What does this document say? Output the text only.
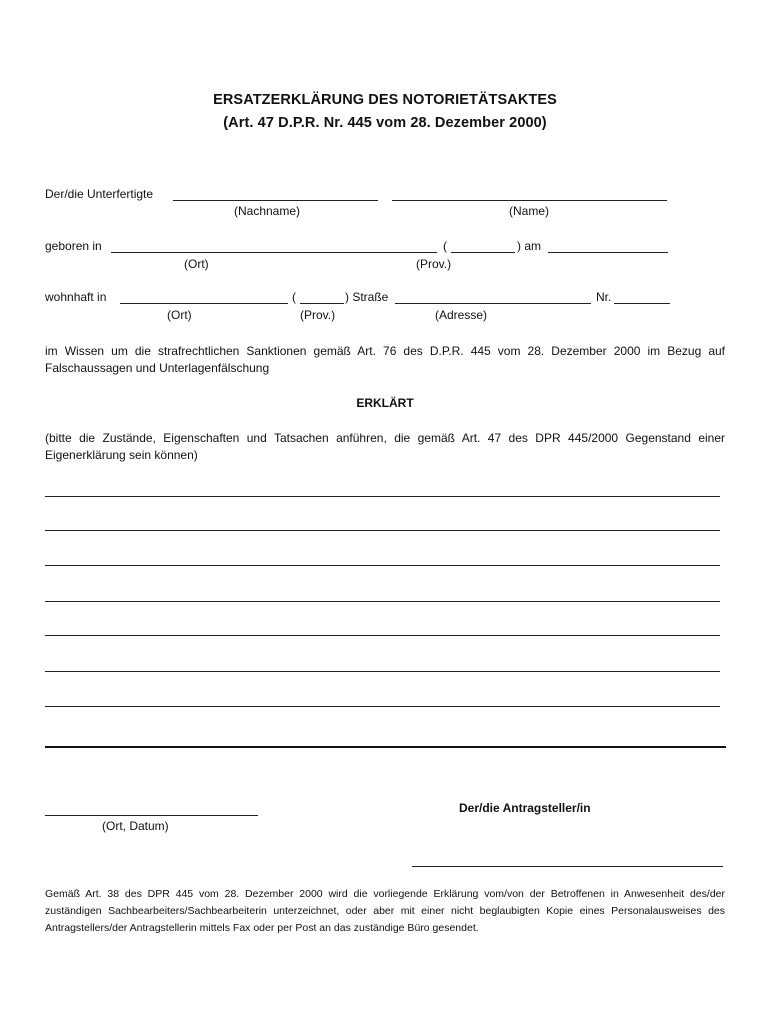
ERSATZERKLÄRUNG DES NOTORIETÄTSAKTES
(Art. 47 D.P.R. Nr. 445 vom 28. Dezember 2000)
Der/die Unterfertigte
(Nachname)	(Name)
geboren in	(	) am
(Ort)	(Prov.)
wohnhaft in	(	) Straße	Nr.
(Ort)	(Prov.)	(Adresse)
im Wissen um die strafrechtlichen Sanktionen gemäß Art. 76 des D.P.R. 445 vom 28. Dezember 2000 im Bezug auf Falschaussagen und Unterlagenfälschung
ERKLÄRT
(bitte die Zustände, Eigenschaften und Tatsachen anführen, die gemäß Art. 47 des DPR 445/2000 Gegenstand einer Eigenerklärung sein können)
(Ort, Datum)
Der/die Antragsteller/in
Gemäß Art. 38 des DPR 445 vom 28. Dezember 2000 wird die vorliegende Erklärung vom/von der Betroffenen in Anwesenheit des/der zuständigen Sachbearbeiters/Sachbearbeiterin unterzeichnet, oder aber mit einer nicht beglaubigten Kopie eines Personalausweises des Antragstellers/der Antragstellerin mittels Fax oder per Post an das zuständige Büro gesendet.
